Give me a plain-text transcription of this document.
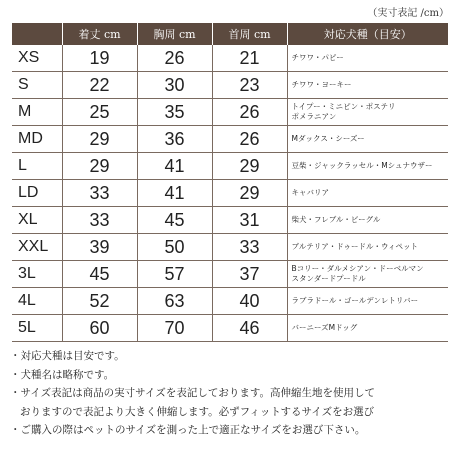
（実寸表記 /cm）
	着丈 cm	胸周 cm	首周 cm	対応犬種（目安）
XS	19	26	21	チワワ・パピー

S	22	30	23	チワワ・ヨーキー

M	25	35	26	トイプー・ミニピン・ポステリ
ポメラニアン

MD	29	36	26	Mダックス・シーズー

L	29	41	29	豆柴・ジャックラッセル・Mシュナウザー

LD	33	41	29	キャバリア

XL	33	45	31	柴犬・フレブル・ビーグル

XXL	39	50	33	ブルテリア・ドゥードル・ウィペット

3L	45	57	37	Bコリー・ダルメシアン・ドーベルマン
スタンダードプードル

4L	52	63	40	ラブラドール・ゴールデンレトリバー

5L	60	70	46	バーニーズMドッグ

・対応犬種は目安です。

・犬種名は略称です。

・サイズ表記は商品の実寸サイズを表記しております。高伸縮生地を使用して

おりますので表記より大きく伸縮します。必ずフィットするサイズをお選び

・ご購入の際はペットのサイズを測った上で適正なサイズをお選び下さい。
